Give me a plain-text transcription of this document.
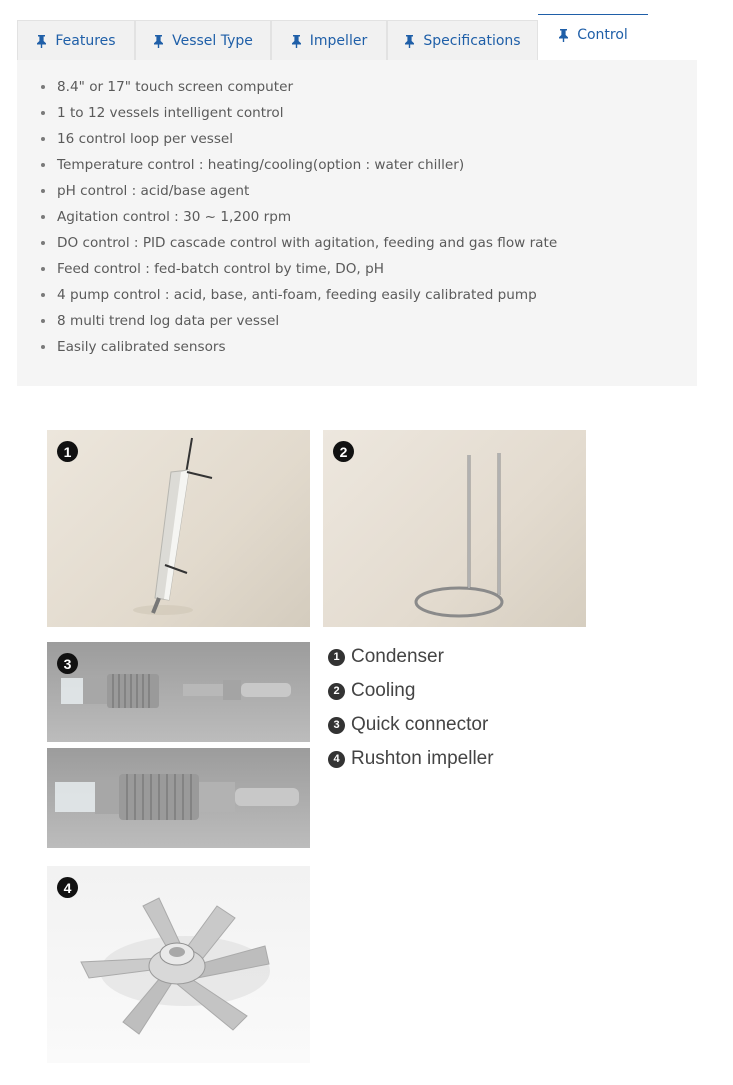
Features	Vessel Type	Impeller	Specifications	Control
8.4" or 17" touch screen computer
1 to 12 vessels intelligent control
16 control loop per vessel
Temperature control : heating/cooling(option : water chiller)
pH control : acid/base agent
Agitation control : 30 ~ 1,200 rpm
DO control : PID cascade control with agitation, feeding and gas flow rate
Feed control : fed-batch control by time, DO, pH
4 pump control : acid, base, anti-foam, feeding easily calibrated pump
8 multi trend log data per vessel
Easily calibrated sensors
1	2
3
4
1 Condenser
2 Cooling
3 Quick connector
4 Rushton impeller
